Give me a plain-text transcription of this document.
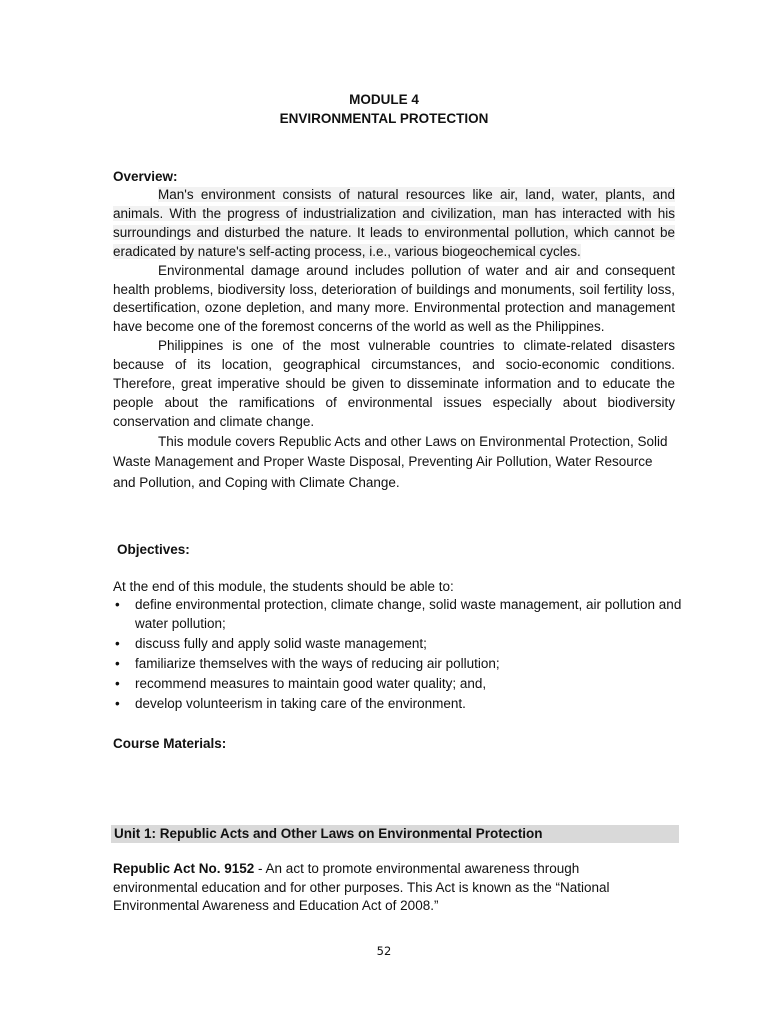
MODULE 4
ENVIRONMENTAL PROTECTION
Overview:

Man's environment consists of natural resources like air, land, water, plants, and animals. With the progress of industrialization and civilization, man has interacted with his surroundings and disturbed the nature. It leads to environmental pollution, which cannot be eradicated by nature's self-acting process, i.e., various biogeochemical cycles.

Environmental damage around includes pollution of water and air and consequent health problems, biodiversity loss, deterioration of buildings and monuments, soil fertility loss, desertification, ozone depletion, and many more. Environmental protection and management have become one of the foremost concerns of the world as well as the Philippines.

Philippines is one of the most vulnerable countries to climate-related disasters because of its location, geographical circumstances, and socio-economic conditions. Therefore, great imperative should be given to disseminate information and to educate the people about the ramifications of environmental issues especially about biodiversity conservation and climate change.

This module covers Republic Acts and other Laws on Environmental Protection, Solid Waste Management and Proper Waste Disposal, Preventing Air Pollution, Water Resource and Pollution, and Coping with Climate Change.

Objectives:
At the end of this module, the students should be able to:
• define environmental protection, climate change, solid waste management, air pollution and water pollution;
• discuss fully and apply solid waste management;
• familiarize themselves with the ways of reducing air pollution;
• recommend measures to maintain good water quality; and,
• develop volunteerism in taking care of the environment.
Course Materials:
Unit 1: Republic Acts and Other Laws on Environmental Protection
Republic Act No. 9152 - An act to promote environmental awareness through environmental education and for other purposes. This Act is known as the “National Environmental Awareness and Education Act of 2008.”
52
